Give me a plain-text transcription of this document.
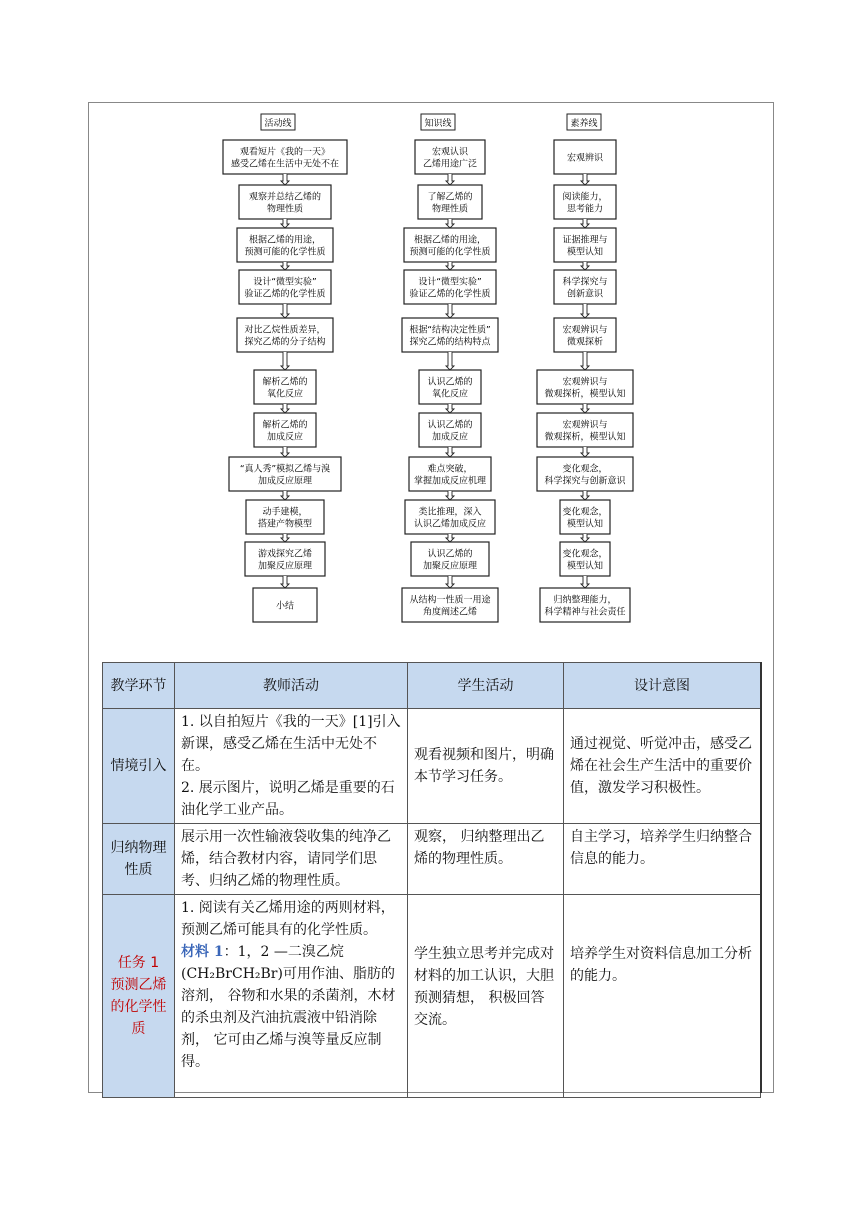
活动线	知识线	素养线
观看短片《我的一天》
感受乙烯在生活中无处不在
观察并总结乙烯的
物理性质
根据乙烯的用途，
预测可能的化学性质
设计“微型实验”
验证乙烯的化学性质
对比乙烷性质差异，
探究乙烯的分子结构
解析乙烯的
氧化反应
解析乙烯的
加成反应
“真人秀”模拟乙烯与溴
加成反应原理
动手建模，
搭建产物模型
游戏探究乙烯
加聚反应原理
小结
宏观认识
乙烯用途广泛
了解乙烯的
物理性质
根据乙烯的用途，
预测可能的化学性质
设计“微型实验”
验证乙烯的化学性质
根据“结构决定性质”
探究乙烯的结构特点
认识乙烯的
氧化反应
认识乙烯的
加成反应
难点突破，
掌握加成反应机理
类比推理，深入
认识乙烯加成反应
认识乙烯的
加聚反应原理
从结构一性质一用途
角度阐述乙烯
宏观辨识
阅读能力，
思考能力
证据推理与
模型认知
科学探究与
创新意识
宏观辨识与
微观探析
宏观辨识与
微观探析，模型认知
宏观辨识与
微观探析，模型认知
变化观念，
科学探究与创新意识
变化观念，
模型认知
变化观念，
模型认知
归纳整理能力，
科学精神与社会责任
教学环节	教师活动	学生活动	设计意图	
情境引入	1. 以自拍短片《我的一天》[1]引入新课，感受乙烯在生活中无处不在。
2. 展示图片，说明乙烯是重要的石油化学工业产品。	观看视频和图片，明确本节学习任务。	通过视觉、听觉冲击，感受乙烯在社会生产生活中的重要价值，激发学习积极性。	
归纳物理性质	展示用一次性输液袋收集的纯净乙烯，结合教材内容，请同学们思考、归纳乙烯的物理性质。	观察， 归纳整理出乙烯的物理性质。	自主学习，培养学生归纳整合信息的能力。	
任务 1 预测乙烯的化学性质	1. 阅读有关乙烯用途的两则材料，预测乙烯可能具有的化学性质。
材料 1：1，2 —二溴乙烷(CH₂BrCH₂Br)可用作油、脂肪的溶剂， 谷物和水果的杀菌剂，木材的杀虫剂及汽油抗震液中铅消除剂， 它可由乙烯与溴等量反应制得。	学生独立思考并完成对材料的加工认识，大胆预测猜想， 积极回答交流。	培养学生对资料信息加工分析的能力。	
